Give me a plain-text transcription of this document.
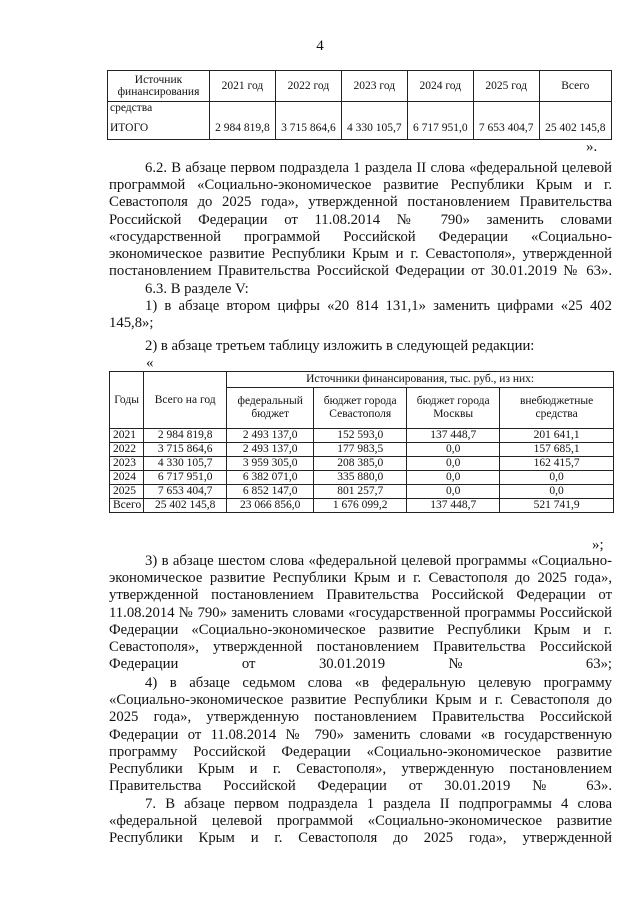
4
Источник финансирования	2021 год	2022 год	2023 год	2024 год	2025 год	Всего
средства						
ИТОГО	2 984 819,8	3 715 864,6	4 330 105,7	6 717 951,0	7 653 404,7	25 402 145,8
».

6.2. В абзаце первом подраздела 1 раздела II слова «федеральной целевой программой «Социально-экономическое развитие Республики Крым и г. Севастополя до 2025 года», утвержденной постановлением Правительства Российской Федерации от 11.08.2014 № 790» заменить словами «государственной программой Российской Федерации «Социально-экономическое развитие Республики Крым и г. Севастополя», утвержденной постановлением Правительства Российской Федерации от 30.01.2019 № 63».

6.3. В разделе V:

1) в абзаце втором цифры «20 814 131,1» заменить цифрами «25 402 145,8»;

2) в абзаце третьем таблицу изложить в следующей редакции:

«
Годы	Всего на год	Источники финансирования, тыс. руб., из них:			
		федеральный бюджет	бюджет города Севастополя	бюджет города Москвы	внебюджетные средства
2021	2 984 819,8	2 493 137,0	152 593,0	137 448,7	201 641,1
2022	3 715 864,6	2 493 137,0	177 983,5	0,0	157 685,1
2023	4 330 105,7	3 959 305,0	208 385,0	0,0	162 415,7
2024	6 717 951,0	6 382 071,0	335 880,0	0,0	0,0
2025	7 653 404,7	6 852 147,0	801 257,7	0,0	0,0
Всего	25 402 145,8	23 066 856,0	1 676 099,2	137 448,7	521 741,9
»;

3) в абзаце шестом слова «федеральной целевой программы «Социально-экономическое развитие Республики Крым и г. Севастополя до 2025 года», утвержденной постановлением Правительства Российской Федерации от 11.08.2014 № 790» заменить словами «государственной программы Российской Федерации «Социально-экономическое развитие Республики Крым и г. Севастополя», утвержденной постановлением Правительства Российской Федерации от 30.01.2019 № 63»;

4) в абзаце седьмом слова «в федеральную целевую программу «Социально-экономическое развитие Республики Крым и г. Севастополя до 2025 года», утвержденную постановлением Правительства Российской Федерации от 11.08.2014 № 790» заменить словами «в государственную программу Российской Федерации «Социально-экономическое развитие Республики Крым и г. Севастополя», утвержденную постановлением Правительства Российской Федерации от 30.01.2019 № 63».

7. В абзаце первом подраздела 1 раздела II подпрограммы 4 слова «федеральной целевой программой «Социально-экономическое развитие Республики Крым и г. Севастополя до 2025 года», утвержденной
